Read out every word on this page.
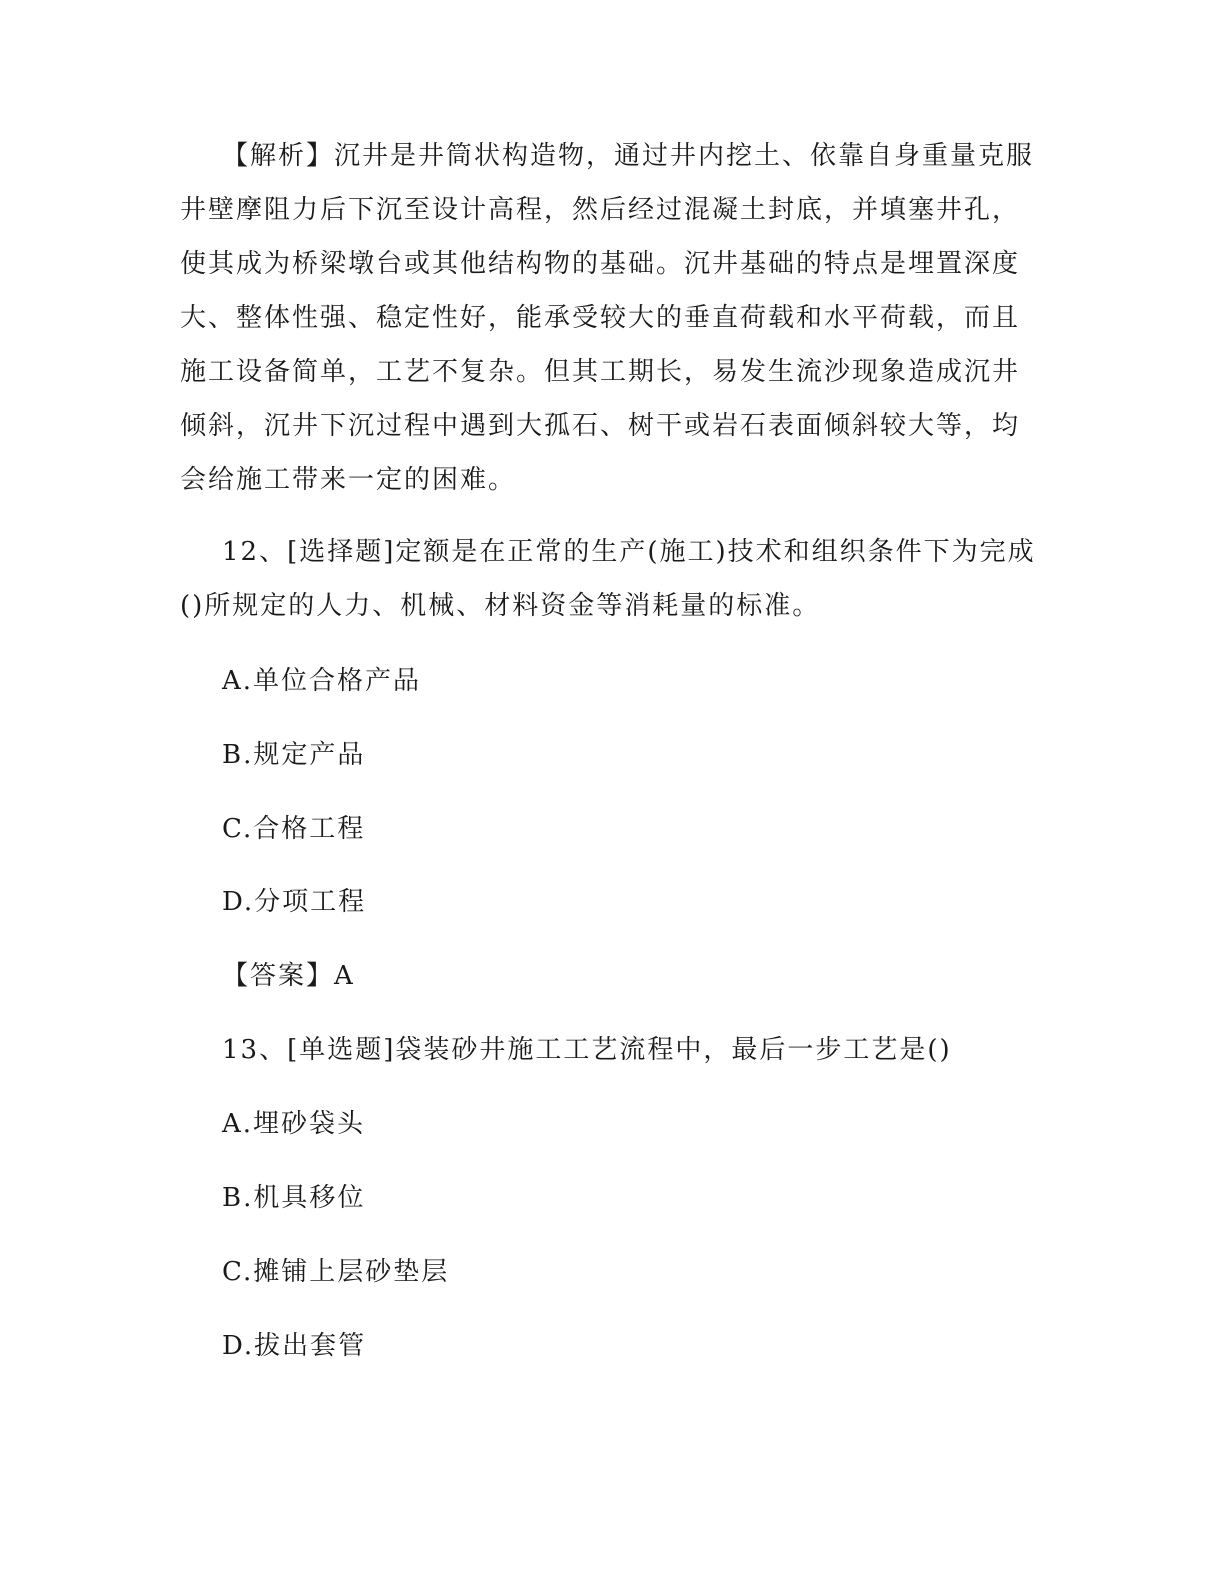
【解析】沉井是井筒状构造物，通过井内挖土、依靠自身重量克服
井壁摩阻力后下沉至设计高程，然后经过混凝土封底，并填塞井孔，
使其成为桥梁墩台或其他结构物的基础。沉井基础的特点是埋置深度
大、整体性强、稳定性好，能承受较大的垂直荷载和水平荷载，而且
施工设备简单，工艺不复杂。但其工期长，易发生流沙现象造成沉井
倾斜，沉井下沉过程中遇到大孤石、树干或岩石表面倾斜较大等，均
会给施工带来一定的困难。
12、[选择题]定额是在正常的生产(施工)技术和组织条件下为完成
()所规定的人力、机械、材料资金等消耗量的标准。
A.单位合格产品
B.规定产品
C.合格工程
D.分项工程
【答案】A
13、[单选题]袋装砂井施工工艺流程中，最后一步工艺是()
A.埋砂袋头
B.机具移位
C.摊铺上层砂垫层
D.拔出套管
